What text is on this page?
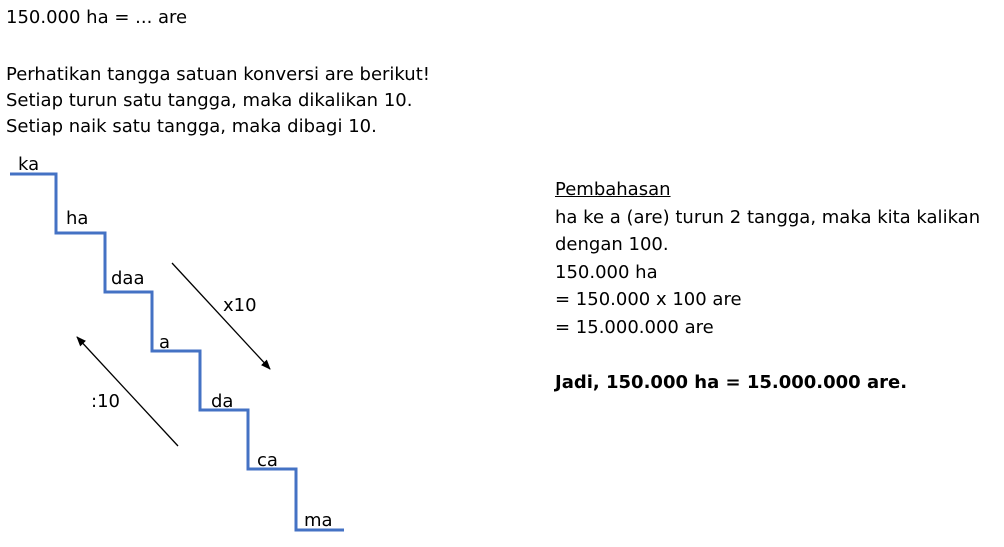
150.000 ha = ... are
Perhatikan tangga satuan konversi are berikut!
Setiap turun satu tangga, maka dikalikan 10.
Setiap naik satu tangga, maka dibagi 10.
ka
ha
daa
a
da
ca
ma
x10
:10
Pembahasan
ha ke a (are) turun 2 tangga, maka kita kalikan
dengan 100.
150.000 ha
= 150.000 x 100 are
= 15.000.000 are
Jadi, 150.000 ha = 15.000.000 are.
